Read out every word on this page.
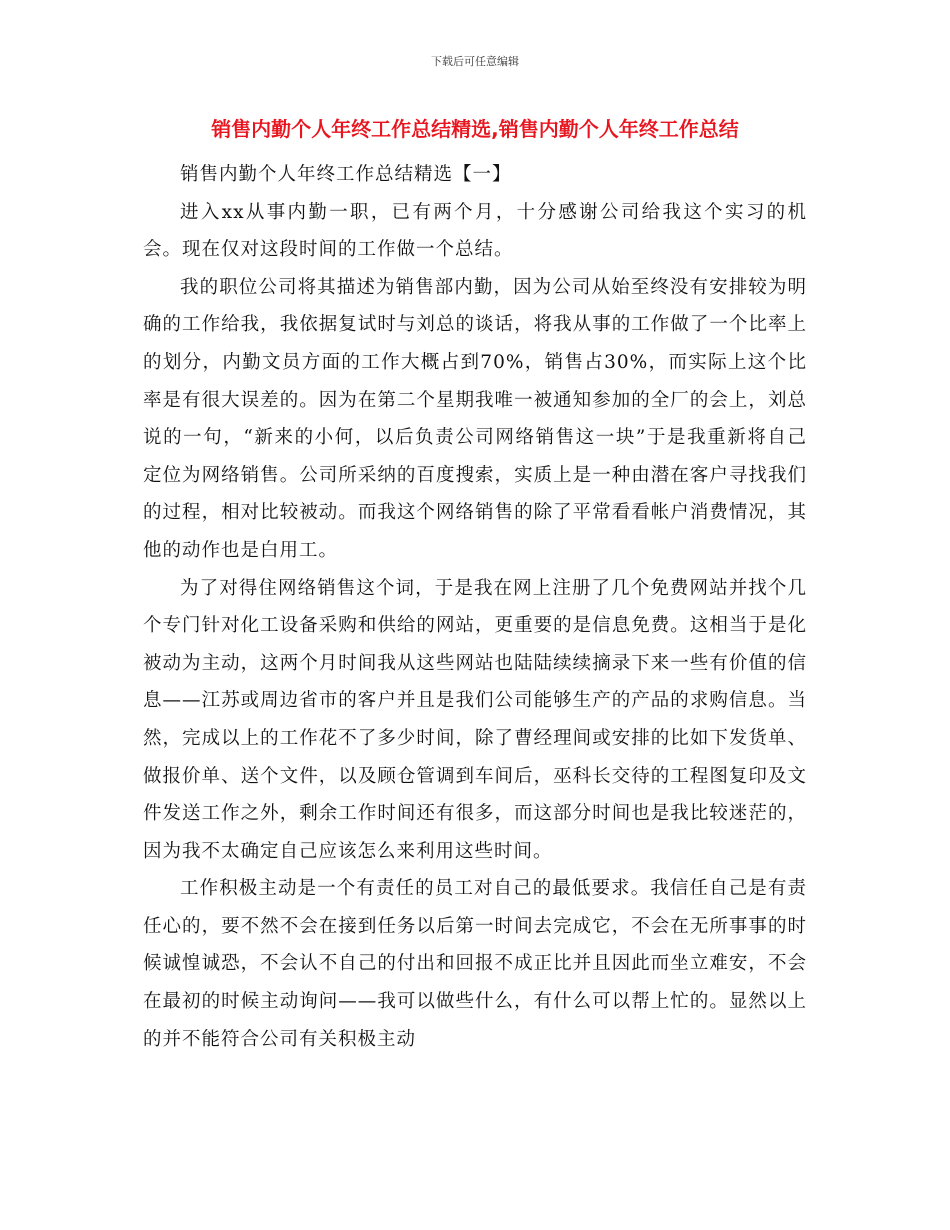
下载后可任意编辑
销售内勤个人年终工作总结精选,销售内勤个人年终工作总结

销售内勤个人年终工作总结精选【一】

进入xx从事内勤一职，已有两个月，十分感谢公司给我这个实习的机会。现在仅对这段时间的工作做一个总结。

我的职位公司将其描述为销售部内勤，因为公司从始至终没有安排较为明确的工作给我，我依据复试时与刘总的谈话，将我从事的工作做了一个比率上的划分，内勤文员方面的工作大概占到70%，销售占30%，而实际上这个比率是有很大误差的。因为在第二个星期我唯一被通知参加的全厂的会上，刘总说的一句，“新来的小何，以后负责公司网络销售这一块”于是我重新将自己定位为网络销售。公司所采纳的百度搜索，实质上是一种由潜在客户寻找我们的过程，相对比较被动。而我这个网络销售的除了平常看看帐户消费情况，其他的动作也是白用工。

为了对得住网络销售这个词，于是我在网上注册了几个免费网站并找个几个专门针对化工设备采购和供给的网站，更重要的是信息免费。这相当于是化被动为主动，这两个月时间我从这些网站也陆陆续续摘录下来一些有价值的信息——江苏或周边省市的客户并且是我们公司能够生产的产品的求购信息。当然，完成以上的工作花不了多少时间，除了曹经理间或安排的比如下发货单、做报价单、送个文件，以及顾仓管调到车间后，巫科长交待的工程图复印及文件发送工作之外，剩余工作时间还有很多，而这部分时间也是我比较迷茫的，因为我不太确定自己应该怎么来利用这些时间。

工作积极主动是一个有责任的员工对自己的最低要求。我信任自己是有责任心的，要不然不会在接到任务以后第一时间去完成它，不会在无所事事的时候诚惶诚恐，不会认不自己的付出和回报不成正比并且因此而坐立难安，不会在最初的时候主动询问——我可以做些什么，有什么可以帮上忙的。显然以上的并不能符合公司有关积极主动
